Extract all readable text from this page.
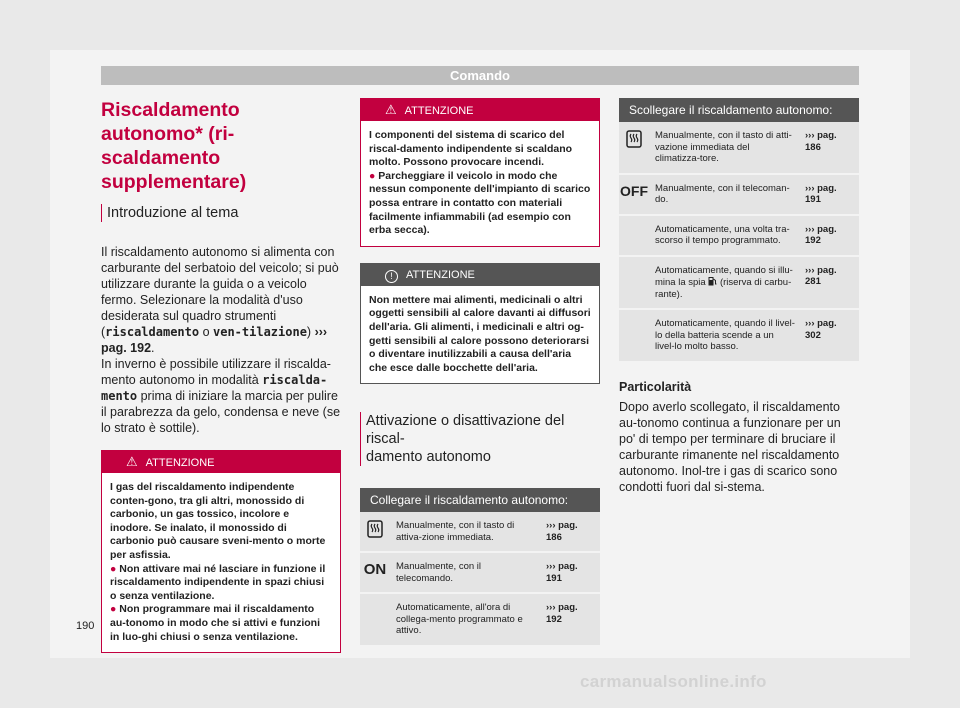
Comando
Riscaldamento autonomo* (ri-
scaldamento supplementare)
Introduzione al tema

Il riscaldamento autonomo si alimenta con carburante del serbatoio del veicolo; si può utilizzare durante la guida o a veicolo fermo. Selezionare la modalità d'uso desiderata sul quadro strumenti (riscaldamento o ven-tilazione) ››› pag. 192.

In inverno è possibile utilizzare il riscalda-mento autonomo in modalità riscalda-mento prima di iniziare la marcia per pulire il parabrezza da gelo, condensa e neve (se lo strato è sottile).

⚠ ATTENZIONE
I gas del riscaldamento indipendente conten-gono, tra gli altri, monossido di carbonio, un gas tossico, incolore e inodore. Se inalato, il monossido di carbonio può causare sveni-mento o morte per asfissia.
● Non attivare mai né lasciare in funzione il riscaldamento indipendente in spazi chiusi o senza ventilazione.
● Non programmare mai il riscaldamento au-tonomo in modo che si attivi e funzioni in luo-ghi chiusi o senza ventilazione.
⚠ ATTENZIONE
I componenti del sistema di scarico del riscal-damento indipendente si scaldano molto. Possono provocare incendi.
● Parcheggiare il veicolo in modo che nessun componente dell'impianto di scarico possa entrare in contatto con materiali facilmente infiammabili (ad esempio con erba secca).
! ATTENZIONE
Non mettere mai alimenti, medicinali o altri oggetti sensibili al calore davanti ai diffusori dell'aria. Gli alimenti, i medicinali e altri og-getti sensibili al calore possono deteriorarsi o diventare inutilizzabili a causa dell'aria che esce dalle bocchette dell'aria.
Attivazione o disattivazione del riscal-
damento autonomo
Collegare il riscaldamento autonomo:
Manualmente, con il tasto di attiva-zione immediata.
››› pag.
186
ON	Manualmente, con il telecomando.
››› pag.
191
Automaticamente, all'ora di collega-mento programmato e attivo.
››› pag.
192
Scollegare il riscaldamento autonomo:
Manualmente, con il tasto di atti-vazione immediata del climatizza-tore.
››› pag.
186
OFF Manualmente, con il telecoman-do.
››› pag.
191
Automaticamente, una volta tra-scorso il tempo programmato.
››› pag.
192
Automaticamente, quando si illu-mina la spia  (riserva di carbu-rante).
››› pag.
281
Automaticamente, quando il livel-lo della batteria scende a un livel-lo molto basso.
››› pag.
302

Particolarità

Dopo averlo scollegato, il riscaldamento au-tonomo continua a funzionare per un po' di tempo per terminare di bruciare il carburante rimanente nel riscaldamento autonomo. Inol-tre i gas di scarico sono condotti fuori dal si-stema.

190
carmanualsonline.info
